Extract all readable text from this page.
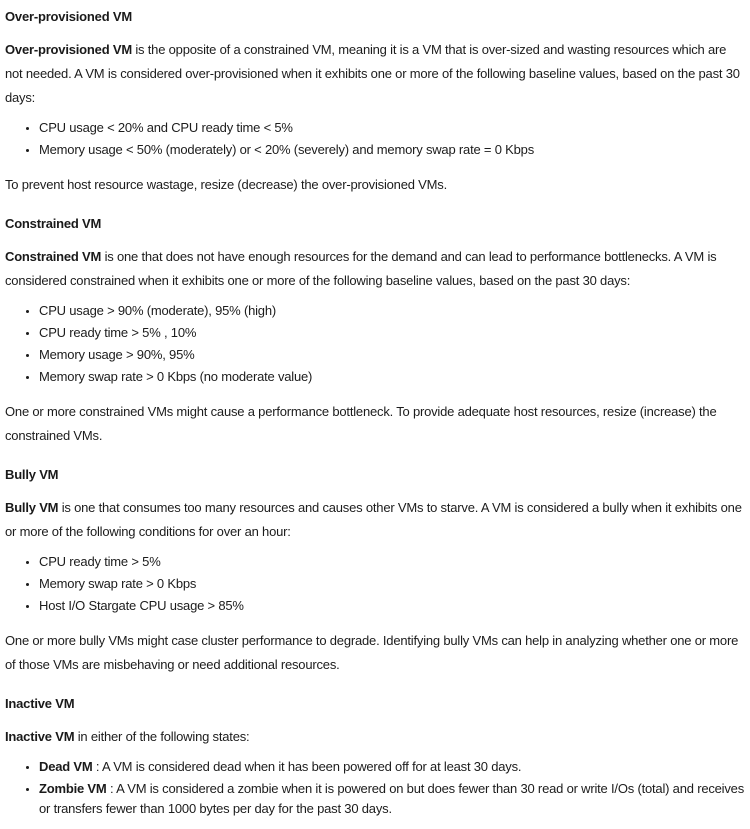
Over-provisioned VM

Over-provisioned VM is the opposite of a constrained VM, meaning it is a VM that is over-sized and wasting resources which are not needed. A VM is considered over-provisioned when it exhibits one or more of the following baseline values, based on the past 30 days:

• CPU usage < 20% and CPU ready time < 5%
• Memory usage < 50% (moderately) or < 20% (severely) and memory swap rate = 0 Kbps

To prevent host resource wastage, resize (decrease) the over-provisioned VMs.

Constrained VM

Constrained VM is one that does not have enough resources for the demand and can lead to performance bottlenecks. A VM is considered constrained when it exhibits one or more of the following baseline values, based on the past 30 days:

• CPU usage > 90% (moderate), 95% (high)
• CPU ready time > 5% , 10%
• Memory usage > 90%, 95%
• Memory swap rate > 0 Kbps (no moderate value)

One or more constrained VMs might cause a performance bottleneck. To provide adequate host resources, resize (increase) the constrained VMs.

Bully VM

Bully VM is one that consumes too many resources and causes other VMs to starve. A VM is considered a bully when it exhibits one or more of the following conditions for over an hour:

• CPU ready time > 5%
• Memory swap rate > 0 Kbps
• Host I/O Stargate CPU usage > 85%

One or more bully VMs might case cluster performance to degrade. Identifying bully VMs can help in analyzing whether one or more of those VMs are misbehaving or need additional resources.

Inactive VM

Inactive VM in either of the following states:

• Dead VM : A VM is considered dead when it has been powered off for at least 30 days.
• Zombie VM : A VM is considered a zombie when it is powered on but does fewer than 30 read or write I/Os (total) and receives or transfers fewer than 1000 bytes per day for the past 30 days.
